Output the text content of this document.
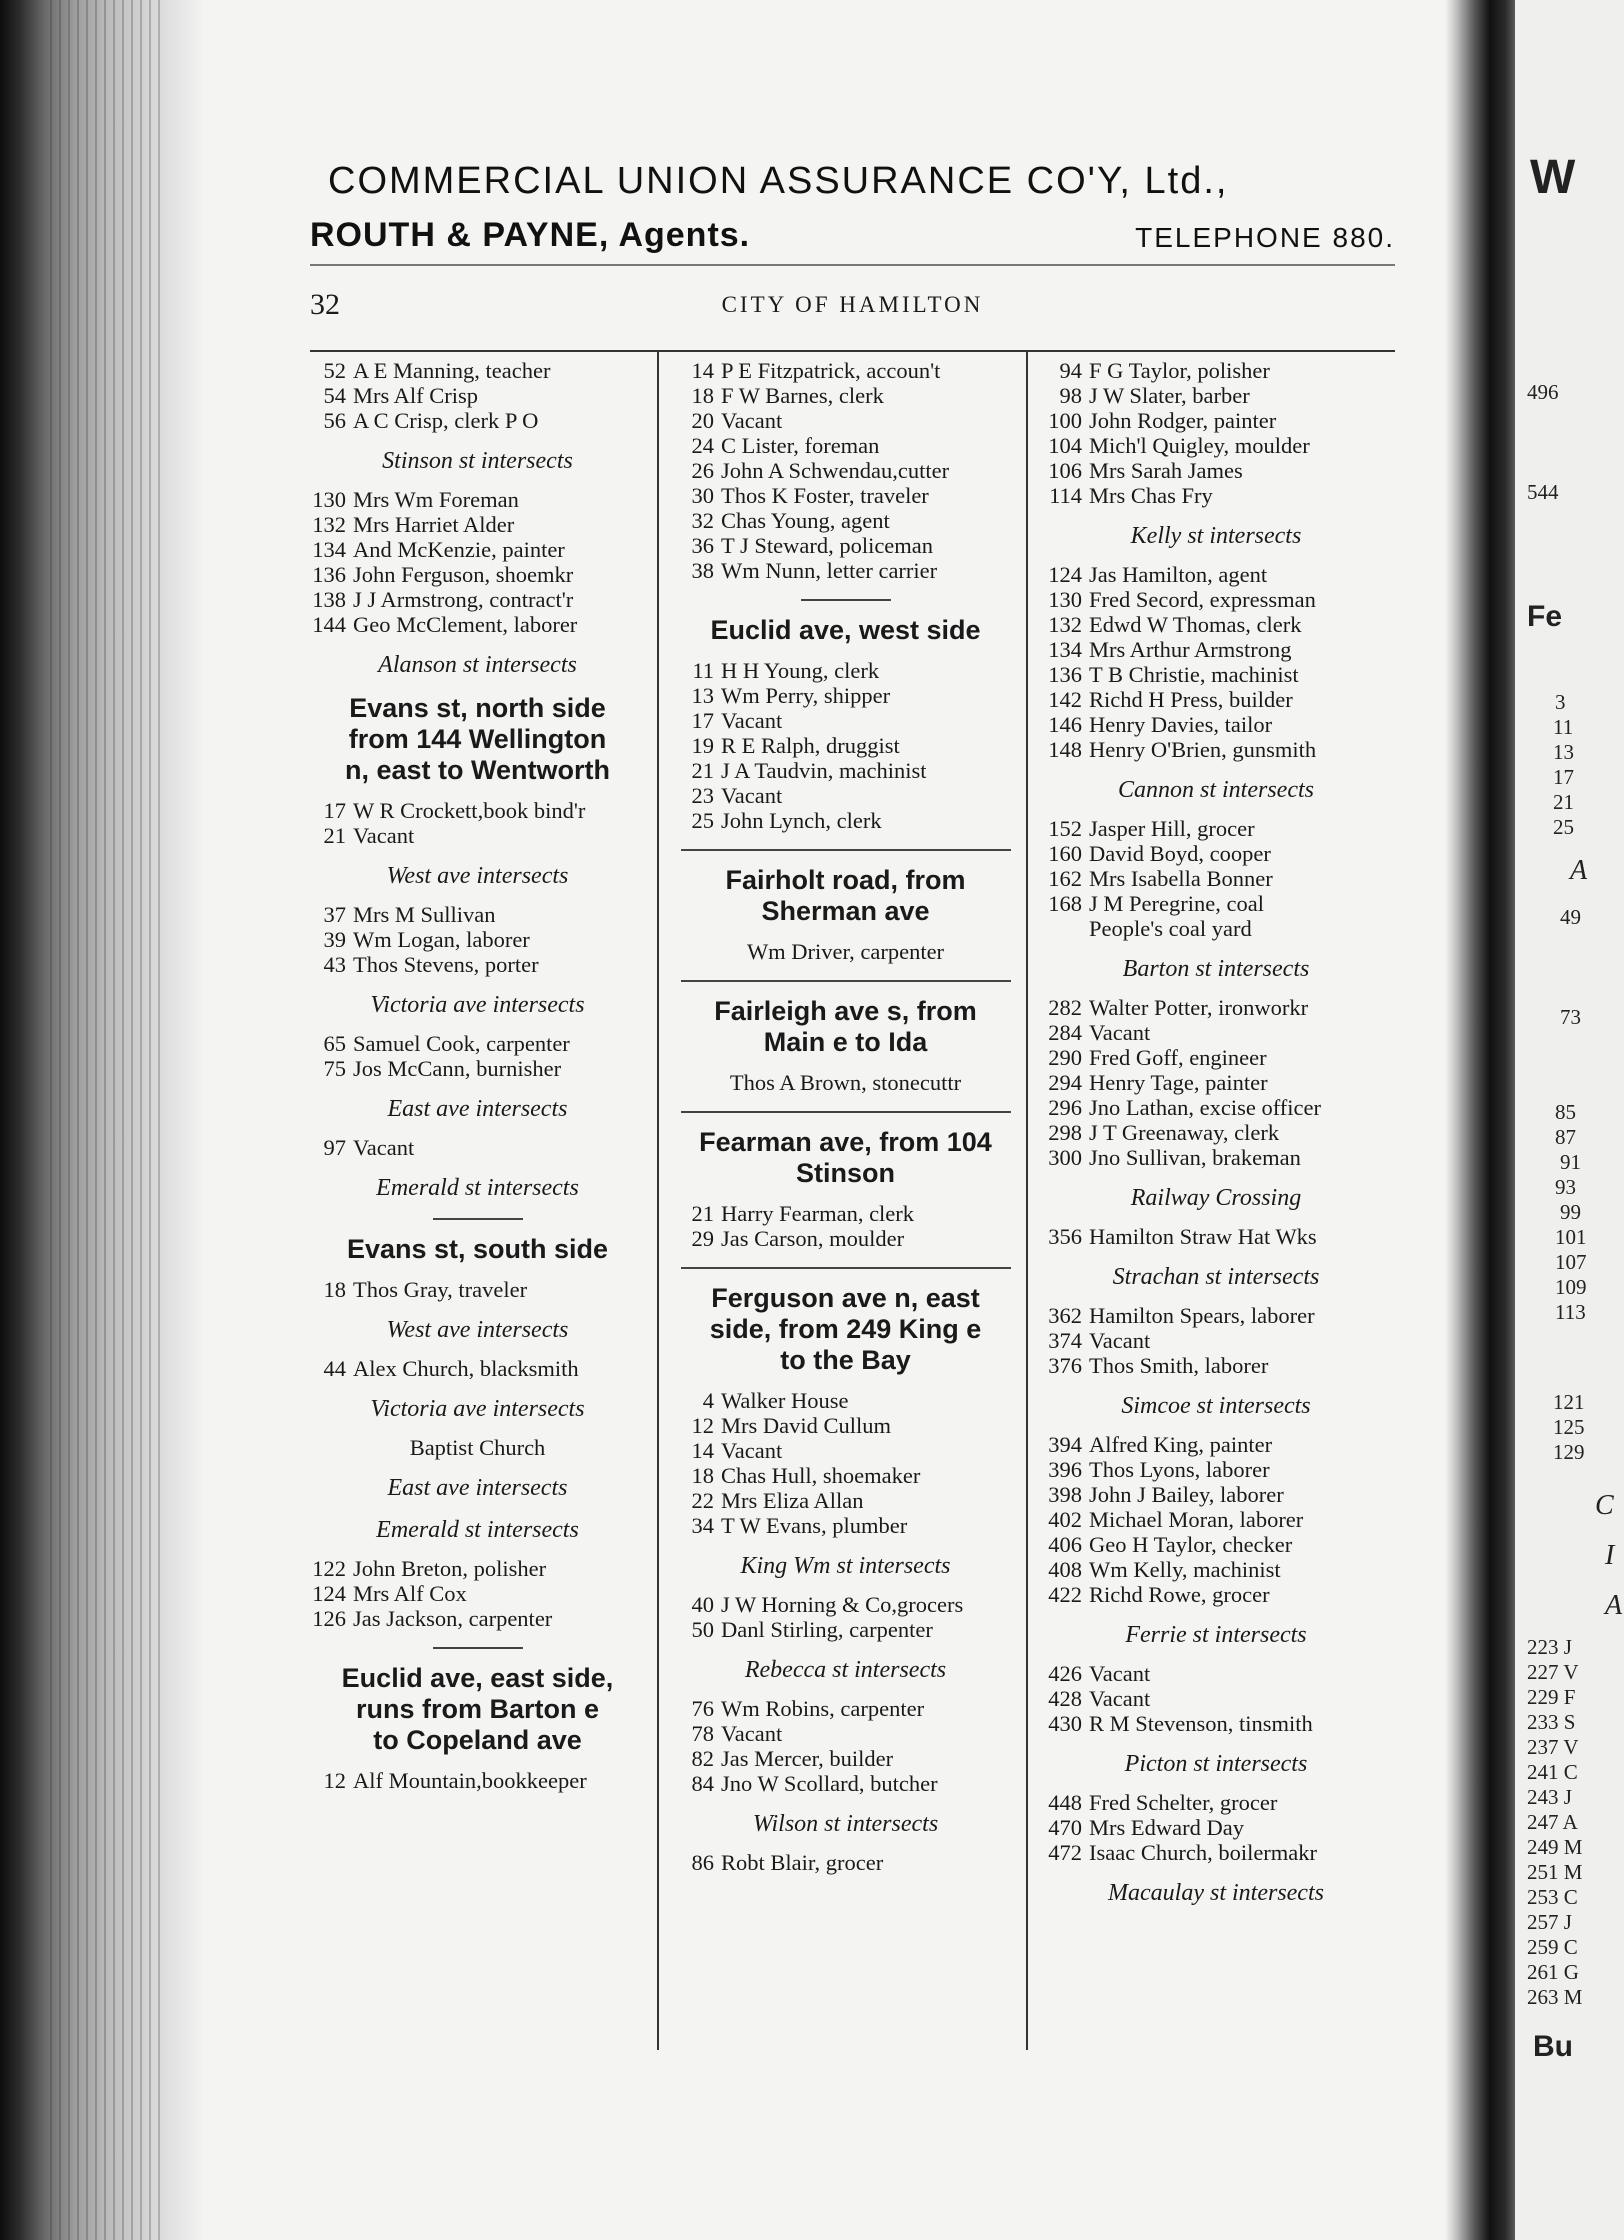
COMMERCIAL UNION ASSURANCE CO'Y, Ltd.,
ROUTH & PAYNE, Agents.	TELEPHONE 880.
32	CITY OF HAMILTON
52 A E Manning, teacher
54 Mrs Alf Crisp
56 A C Crisp, clerk P O
Stinson st intersects
130 Mrs Wm Foreman
132 Mrs Harriet Alder
134 And McKenzie, painter
136 John Ferguson, shoemkr
138 J J Armstrong, contract'r
144 Geo McClement, laborer
Alanson st intersects
Evans st, north side
from 144 Wellington
n, east to Wentworth
17 W R Crockett,book bind'r
21 Vacant
West ave intersects
37 Mrs M Sullivan
39 Wm Logan, laborer
43 Thos Stevens, porter
Victoria ave intersects
65 Samuel Cook, carpenter
75 Jos McCann, burnisher
East ave intersects
97 Vacant
Emerald st intersects
Evans st, south side
18 Thos Gray, traveler
West ave intersects
44 Alex Church, blacksmith
Victoria ave intersects
Baptist Church
East ave intersects
Emerald st intersects
122 John Breton, polisher
124 Mrs Alf Cox
126 Jas Jackson, carpenter
Euclid ave, east side,
runs from Barton e
to Copeland ave
12 Alf Mountain,bookkeeper
14 P E Fitzpatrick, accoun't
18 F W Barnes, clerk
20 Vacant
24 C Lister, foreman
26 John A Schwendau,cutter
30 Thos K Foster, traveler
32 Chas Young, agent
36 T J Steward, policeman
38 Wm Nunn, letter carrier
Euclid ave, west side
11 H H Young, clerk
13 Wm Perry, shipper
17 Vacant
19 R E Ralph, druggist
21 J A Taudvin, machinist
23 Vacant
25 John Lynch, clerk
Fairholt road, from
Sherman ave
Wm Driver, carpenter
Fairleigh ave s, from
Main e to Ida
Thos A Brown, stonecuttr
Fearman ave, from 104
Stinson
21 Harry Fearman, clerk
29 Jas Carson, moulder
Ferguson ave n, east
side, from 249 King e
to the Bay
4 Walker House
12 Mrs David Cullum
14 Vacant
18 Chas Hull, shoemaker
22 Mrs Eliza Allan
34 T W Evans, plumber
King Wm st intersects
40 J W Horning & Co,grocers
50 Danl Stirling, carpenter
Rebecca st intersects
76 Wm Robins, carpenter
78 Vacant
82 Jas Mercer, builder
84 Jno W Scollard, butcher
Wilson st intersects
86 Robt Blair, grocer
94 F G Taylor, polisher
98 J W Slater, barber
100 John Rodger, painter
104 Mich'l Quigley, moulder
106 Mrs Sarah James
114 Mrs Chas Fry
Kelly st intersects
124 Jas Hamilton, agent
130 Fred Secord, expressman
132 Edwd W Thomas, clerk
134 Mrs Arthur Armstrong
136 T B Christie, machinist
142 Richd H Press, builder
146 Henry Davies, tailor
148 Henry O'Brien, gunsmith
Cannon st intersects
152 Jasper Hill, grocer
160 David Boyd, cooper
162 Mrs Isabella Bonner
168 J M Peregrine, coal
People's coal yard
Barton st intersects
282 Walter Potter, ironworkr
284 Vacant
290 Fred Goff, engineer
294 Henry Tage, painter
296 Jno Lathan, excise officer
298 J T Greenaway, clerk
300 Jno Sullivan, brakeman
Railway Crossing
356 Hamilton Straw Hat Wks
Strachan st intersects
362 Hamilton Spears, laborer
374 Vacant
376 Thos Smith, laborer
Simcoe st intersects
394 Alfred King, painter
396 Thos Lyons, laborer
398 John J Bailey, laborer
402 Michael Moran, laborer
406 Geo H Taylor, checker
408 Wm Kelly, machinist
422 Richd Rowe, grocer
Ferrie st intersects
426 Vacant
428 Vacant
430 R M Stevenson, tinsmith
Picton st intersects
448 Fred Schelter, grocer
470 Mrs Edward Day
472 Isaac Church, boilermakr
Macaulay st intersects
W
496
544
Fe
3
11
13
17
21
25
A
49
73
85
87
91
93
99
101
107
109
113
121
125
129
C
I
A
223 J
227 V
229 F
233 S
237 V
241 C
243 J
247 A
249 M
251 M
253 C
257 J
259 C
261 G
263 M
Bu
